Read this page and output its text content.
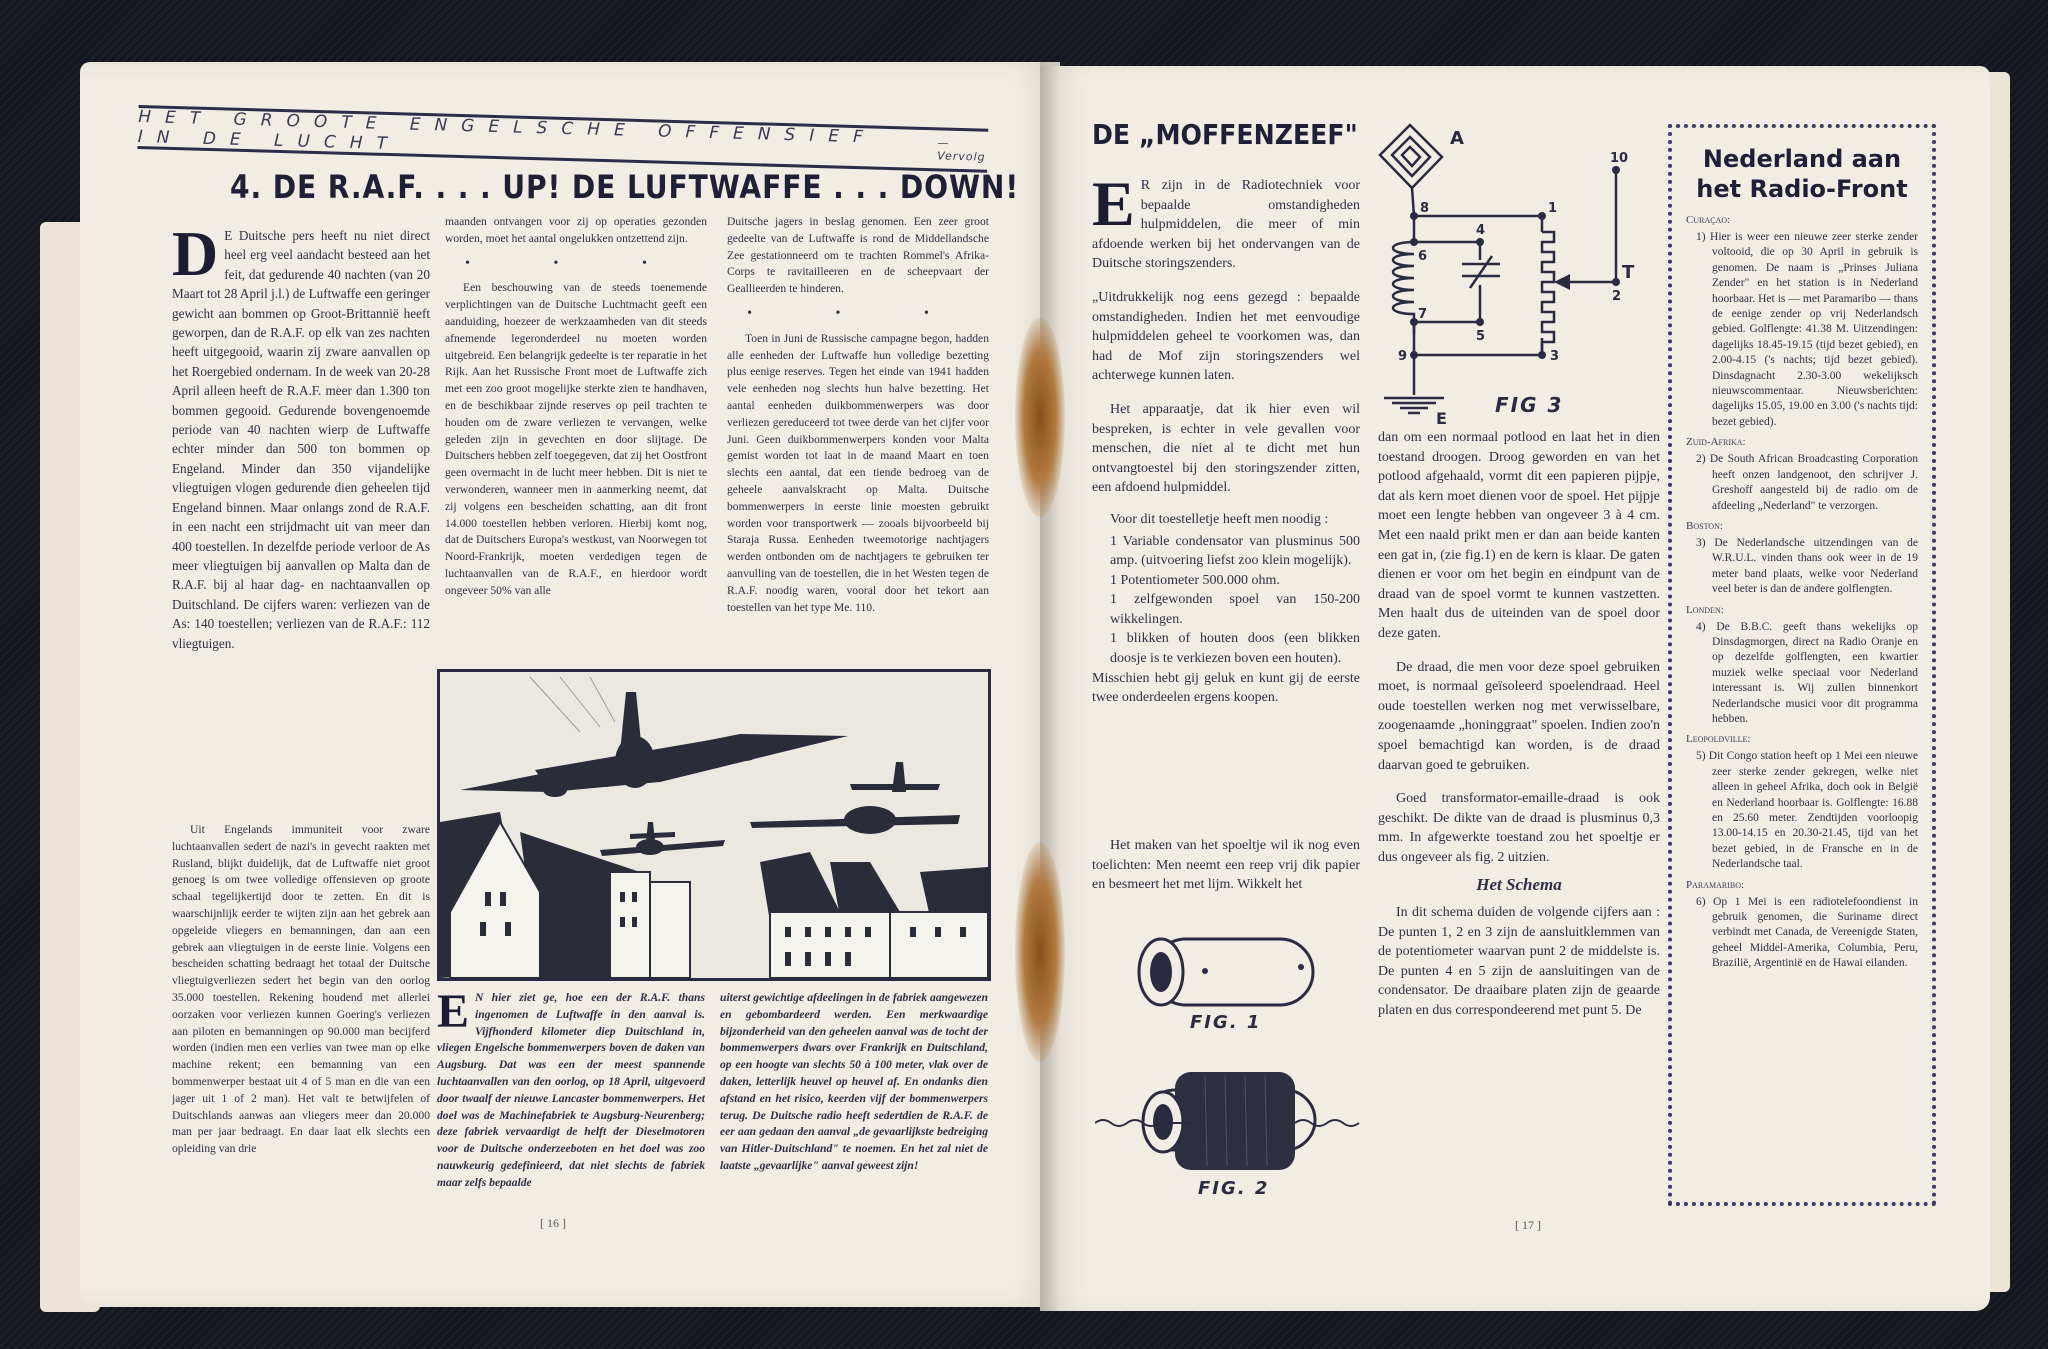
HET GROOTE ENGELSCHE OFFENSIEF IN DE LUCHT	— Vervolg
4. DE R.A.F. . . . UP! DE LUFTWAFFE . . . DOWN!

D E Duitsche pers heeft nu niet direct heel erg veel aandacht besteed aan het feit, dat gedurende 40 nachten (van 20 Maart tot 28 April j.l.) de Luftwaffe een geringer gewicht aan bommen op Groot-Brittannië heeft geworpen, dan de R.A.F. op elk van zes nachten heeft uitgegooid, waarin zij zware aanvallen op het Roergebied ondernam. In de week van 20-28 April alleen heeft de R.A.F. meer dan 1.300 ton bommen gegooid. Gedurende bovengenoemde periode van 40 nachten wierp de Luftwaffe echter minder dan 500 ton bommen op Engeland. Minder dan 350 vijandelijke vliegtuigen vlogen gedurende dien geheelen tijd Engeland binnen. Maar onlangs zond de R.A.F. in een nacht een strijdmacht uit van meer dan 400 toestellen. In dezelfde periode verloor de As meer vliegtuigen bij aanvallen op Malta dan de R.A.F. bij al haar dag- en nachtaanvallen op Duitschland. De cijfers waren: verliezen van de As: 140 toestellen; verliezen van de R.A.F.: 112 vliegtuigen.

Uit Engelands immuniteit voor zware luchtaanvallen sedert de nazi's in gevecht raakten met Rusland, blijkt duidelijk, dat de Luftwaffe niet groot genoeg is om twee volledige offensieven op groote schaal tegelijkertijd door te zetten. En dit is waarschijnlijk eerder te wijten zijn aan het gebrek aan opgeleide vliegers en bemanningen, dan aan een gebrek aan vliegtuigen in de eerste linie. Volgens een bescheiden schatting bedraagt het totaal der Duitsche vliegtuigverliezen sedert het begin van den oorlog 35.000 toestellen. Rekening houdend met allerlei oorzaken voor verliezen kunnen Goering's verliezen aan piloten en bemanningen op 90.000 man becijferd worden (indien men een verlies van twee man op elke machine rekent; een bemanning van een bommenwerper bestaat uit 4 of 5 man en die van een jager uit 1 of 2 man). Het valt te betwijfelen of Duitschlands aanwas aan vliegers meer dan 20.000 man per jaar bedraagt. En daar laat elk slechts een opleiding van drie

maanden ontvangen voor zij op operaties gezonden worden, moet het aantal ongelukken ontzettend zijn.

• • •

Een beschouwing van de steeds toenemende verplichtingen van de Duitsche Luchtmacht geeft een aanduiding, hoezeer de werkzaamheden van dit steeds afnemende legeronderdeel nu moeten worden uitgebreid. Een belangrijk gedeelte is ter reparatie in het Rijk. Aan het Russische Front moet de Luftwaffe zich met een zoo groot mogelijke sterkte zien te handhaven, en de beschikbaar zijnde reserves op peil trachten te houden om de zware verliezen te vervangen, welke geleden zijn in gevechten en door slijtage. De Duitschers hebben zelf toegegeven, dat zij het Oostfront geen overmacht in de lucht meer hebben. Dit is niet te verwonderen, wanneer men in aanmerking neemt, dat zij volgens een bescheiden schatting, aan dit front 14.000 toestellen hebben verloren. Hierbij komt nog, dat de Duitschers Europa's westkust, van Noorwegen tot Noord-Frankrijk, moeten verdedigen tegen de luchtaanvallen van de R.A.F., en hierdoor wordt ongeveer 50% van alle

Duitsche jagers in beslag genomen. Een zeer groot gedeelte van de Luftwaffe is rond de Middellandsche Zee gestationneerd om te trachten Rommel's Afrika-Corps te ravitailleeren en de scheepvaart der Geallieerden te hinderen.

• • •

Toen in Juni de Russische campagne begon, hadden alle eenheden der Luftwaffe hun volledige bezetting plus eenige reserves. Tegen het einde van 1941 hadden vele eenheden nog slechts hun halve bezetting. Het aantal eenheden duikbommenwerpers was door verliezen gereduceerd tot twee derde van het cijfer voor Juni. Geen duikbommenwerpers konden voor Malta gemist worden tot laat in de maand Maart en toen slechts een aantal, dat een tiende bedroeg van de geheele aanvalskracht op Malta. Duitsche bommenwerpers in eerste linie moesten gebruikt worden voor transportwerk — zooals bijvoorbeeld bij Staraja Russa. Eenheden tweemotorige nachtjagers werden ontbonden om de nachtjagers te gebruiken ter aanvulling van de toestellen, die in het Westen tegen de R.A.F. noodig waren, vooral door het tekort aan toestellen van het type Me. 110.

E N hier ziet ge, hoe een der R.A.F. thans ingenomen de Luftwaffe in den aanval is. Vijfhonderd kilometer diep Duitschland in, vliegen Engelsche bommenwerpers boven de daken van Augsburg. Dat was een der meest spannende luchtaanvallen van den oorlog, op 18 April, uitgevoerd door twaalf der nieuwe Lancaster bommenwerpers. Het doel was de Machinefabriek te Augsburg-Neurenberg; deze fabriek vervaardigt de helft der Dieselmotoren voor de Duitsche onderzeeboten en het doel was zoo nauwkeurig gedefinieerd, dat niet slechts de fabriek maar zelfs bepaalde

uiterst gewichtige afdeelingen in de fabriek aangewezen en gebombardeerd werden. Een merkwaardige bijzonderheid van den geheelen aanval was de tocht der bommenwerpers dwars over Frankrijk en Duitschland, op een hoogte van slechts 50 à 100 meter, vlak over de daken, letterlijk heuvel op heuvel af. En ondanks dien afstand en het risico, keerden vijf der bommenwerpers terug. De Duitsche radio heeft sedertdien de R.A.F. de eer aan gedaan den aanval „de gevaarlijkste bedreiging van Hitler-Duitschland" te noemen. En het zal niet de laatste „gevaarlijke" aanval geweest zijn!

[ 16 ]
DE „MOFFENZEEF"

E R zijn in de Radiotechniek voor bepaalde omstandigheden hulpmiddelen, die meer of min afdoende werken bij het ondervangen van de Duitsche storingszenders.

„Uitdrukkelijk nog eens gezegd : bepaalde omstandigheden. Indien het met eenvoudige hulpmiddelen geheel te voorkomen was, dan had de Mof zijn storingszenders wel achterwege kunnen laten.

Het apparaatje, dat ik hier even wil bespreken, is echter in vele gevallen voor menschen, die niet al te dicht met hun ontvangtoestel bij den storingszender zitten, een afdoend hulpmiddel.

Voor dit toestelletje heeft men noodig :

1 Variable condensator van plusminus 500 amp. (uitvoering liefst zoo klein mogelijk).

1 Potentiometer 500.000 ohm.

1 zelfgewonden spoel van 150-200 wikkelingen.

1 blikken of houten doos (een blikken doosje is te verkiezen boven een houten).

Misschien hebt gij geluk en kunt gij de eerste twee onderdeelen ergens koopen.

Het maken van het spoeltje wil ik nog even toelichten: Men neemt een reep vrij dik papier en besmeert het met lijm. Wikkelt het

FIG. 1
FIG. 2
A
8	1
4
6
7
5
9	3
10
T
2
E
FIG 3

dan om een normaal potlood en laat het in dien toestand droogen. Droog geworden en van het potlood afgehaald, vormt dit een papieren pijpje, dat als kern moet dienen voor de spoel. Het pijpje moet een lengte hebben van ongeveer 3 à 4 cm. Met een naald prikt men er dan aan beide kanten een gat in, (zie fig.1) en de kern is klaar. De gaten dienen er voor om het begin en eindpunt van de draad van de spoel vormt te kunnen vastzetten. Men haalt dus de uiteinden van de spoel door deze gaten.

De draad, die men voor deze spoel gebruiken moet, is normaal geïsoleerd spoelendraad. Heel oude toestellen werken nog met verwisselbare, zoogenaamde „honinggraat" spoelen. Indien zoo'n spoel bemachtigd kan worden, is de draad daarvan goed te gebruiken.

Goed transformator-emaille-draad is ook geschikt. De dikte van de draad is plusminus 0,3 mm. In afgewerkte toestand zou het spoeltje er dus ongeveer als fig. 2 uitzien.

Het Schema

In dit schema duiden de volgende cijfers aan : De punten 1, 2 en 3 zijn de aansluitklemmen van de potentiometer waarvan punt 2 de middelste is. De punten 4 en 5 zijn de aansluitingen van de condensator. De draaibare platen zijn de geaarde platen en dus correspondeerend met punt 5. De

Nederland aan het Radio-Front
Curaçao:
1) Hier is weer een nieuwe zeer sterke zender voltooid, die op 30 April in gebruik is genomen. De naam is „Prinses Juliana Zender" en het station is in Nederland hoorbaar. Het is — met Paramaribo — thans de eenige zender op vrij Nederlandsch gebied. Golflengte: 41.38 M. Uitzendingen: dagelijks 18.45-19.15 (tijd bezet gebied), en 2.00-4.15 ('s nachts; tijd bezet gebied). Dinsdagnacht 2.30-3.00 wekelijksch nieuwscommentaar. Nieuwsberichten: dagelijks 15.05, 19.00 en 3.00 ('s nachts tijd: bezet gebied).
Zuid-Afrika:
2) De South African Broadcasting Corporation heeft onzen landgenoot, den schrijver J. Greshoff aangesteld bij de radio om de afdeeling „Nederland" te verzorgen.
Boston:
3) De Nederlandsche uitzendingen van de W.R.U.L. vinden thans ook weer in de 19 meter band plaats, welke voor Nederland veel beter is dan de andere golflengten.
Londen:
4) De B.B.C. geeft thans wekelijks op Dinsdagmorgen, direct na Radio Oranje en op dezelfde golflengten, een kwartier muziek welke speciaal voor Nederland interessant is. Wij zullen binnenkort Nederlandsche musici voor dit programma hebben.
Leopoldville:
5) Dit Congo station heeft op 1 Mei een nieuwe zeer sterke zender gekregen, welke niet alleen in geheel Afrika, doch ook in België en Nederland hoorbaar is. Golflengte: 16.88 en 25.60 meter. Zendtijden voorloopig 13.00-14.15 en 20.30-21.45, tijd van het bezet gebied, in de Fransche en in de Nederlandsche taal.
Paramaribo:
6) Op 1 Mei is een radiotelefoondienst in gebruik genomen, die Suriname direct verbindt met Canada, de Vereenigde Staten, geheel Middel-Amerika, Columbia, Peru, Brazilië, Argentinië en de Hawai eilanden.
[ 17 ]
